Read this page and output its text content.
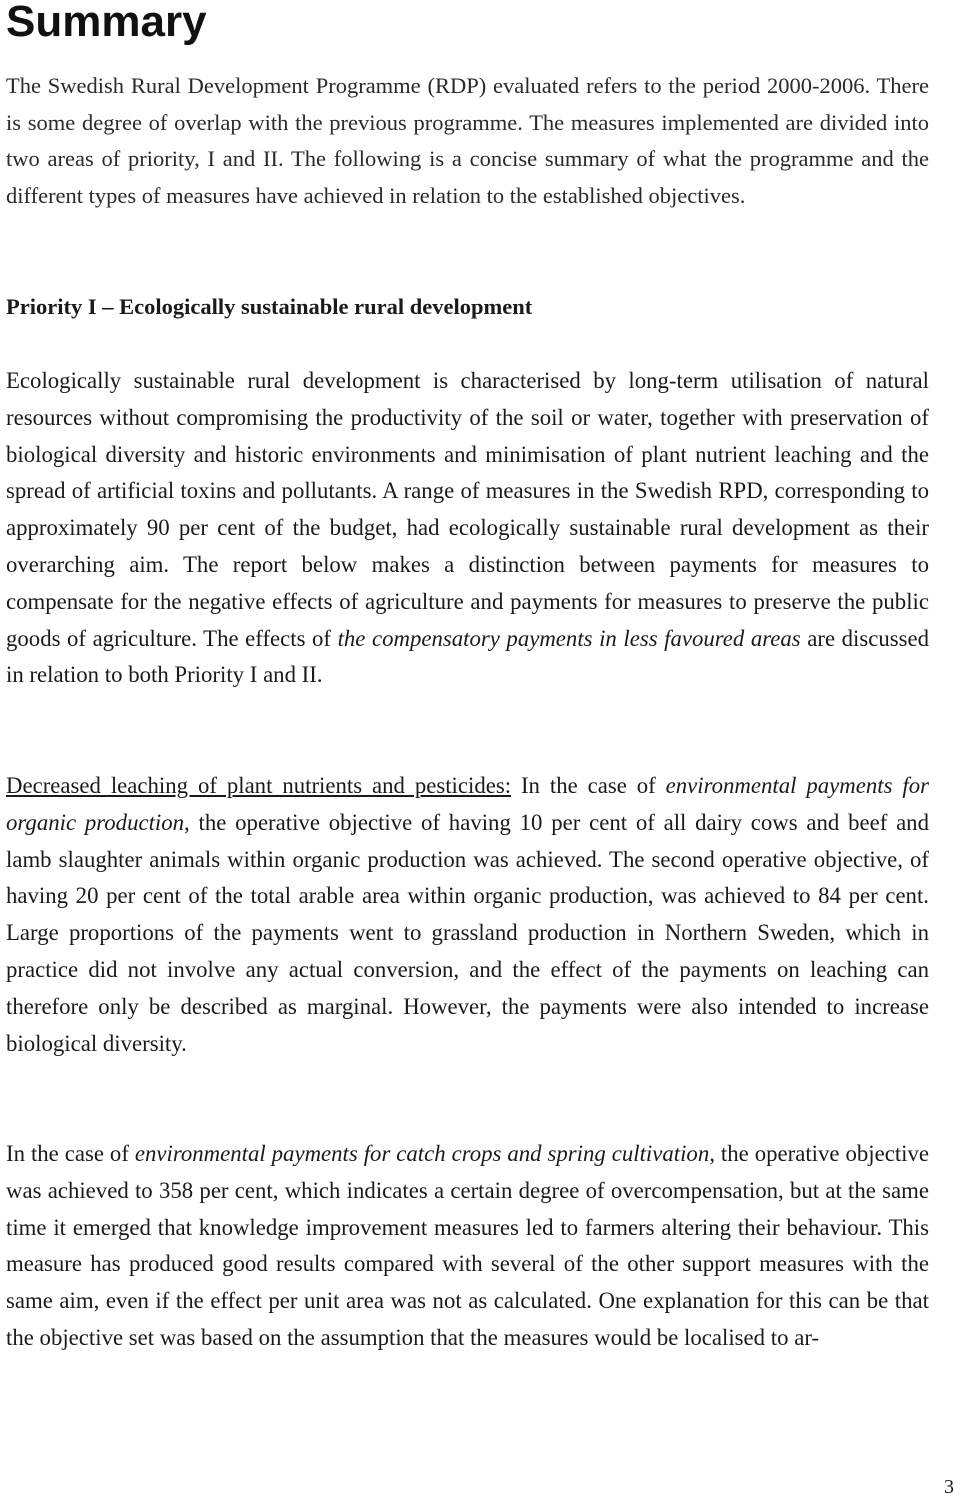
Summary

The Swedish Rural Development Programme (RDP) evaluated refers to the period 2000-2006. There is some degree of overlap with the previous programme. The measures implemented are divided into two areas of priority, I and II. The following is a concise summary of what the programme and the different types of measures have achieved in relation to the established objectives.

Priority I – Ecologically sustainable rural development

Ecologically sustainable rural development is characterised by long-term utilisation of natural resources without compromising the productivity of the soil or water, together with preservation of biological diversity and historic environments and minimisation of plant nutrient leaching and the spread of artificial toxins and pollutants. A range of measures in the Swedish RPD, corresponding to approximately 90 per cent of the budget, had ecologically sustainable rural development as their overarching aim. The report below makes a distinction between payments for measures to compensate for the negative effects of agriculture and payments for measures to preserve the public goods of agriculture. The effects of the compensatory payments in less favoured areas are discussed in relation to both Priority I and II.

Decreased leaching of plant nutrients and pesticides: In the case of environmental payments for organic production, the operative objective of having 10 per cent of all dairy cows and beef and lamb slaughter animals within organic production was achieved. The second operative objective, of having 20 per cent of the total arable area within organic production, was achieved to 84 per cent. Large proportions of the payments went to grassland production in Northern Sweden, which in practice did not involve any actual conversion, and the effect of the payments on leaching can therefore only be described as marginal. However, the payments were also intended to increase biological diversity.

In the case of environmental payments for catch crops and spring cultivation, the operative objective was achieved to 358 per cent, which indicates a certain degree of overcompensation, but at the same time it emerged that knowledge improvement measures led to farmers altering their behaviour. This measure has produced good results compared with several of the other support measures with the same aim, even if the effect per unit area was not as calculated. One explanation for this can be that the objective set was based on the assumption that the measures would be localised to ar-

3
